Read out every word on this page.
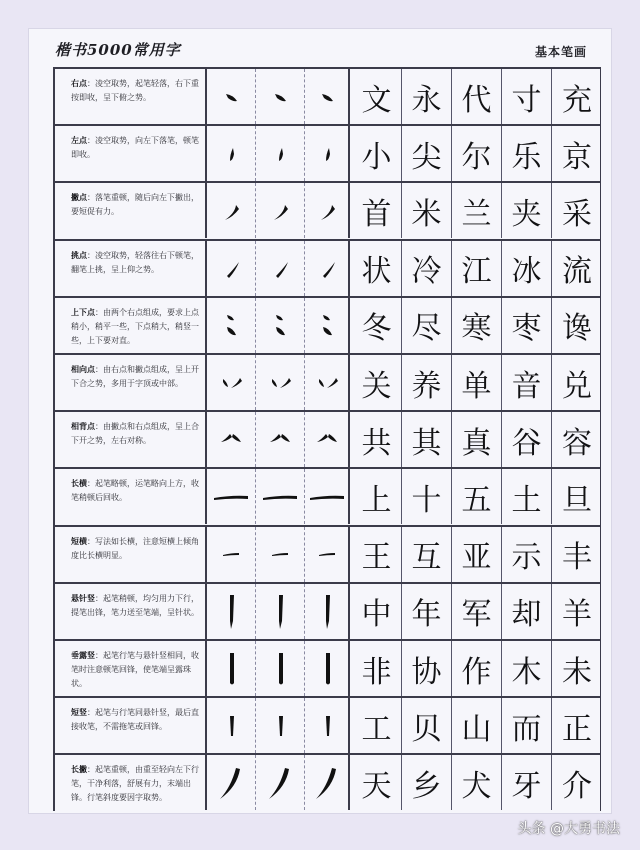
楷书5000常用字	基本笔画
右点：凌空取势，起笔轻落，右下重按即收，呈下俯之势。	文 永 代 寸 充
左点：凌空取势，向左下落笔，顿笔即收。	小 尖 尔 乐 京
撇点：落笔重顿，随后向左下撇出，要短促有力。	首 米 兰 夹 采
挑点：凌空取势，轻落往右下顿笔，翻笔上挑，呈上仰之势。	状 冷 江 冰 流
上下点：由两个右点组成，要求上点稍小，稍平一些，下点稍大，稍竖一些，上下要对直。	冬 尽 寒 枣 谗
相向点：由右点和撇点组成，呈上开下合之势，多用于字顶或中部。	关 养 单 音 兑
相背点：由撇点和右点组成，呈上合下开之势，左右对称。	共 其 真 谷 容
长横：起笔略顿，运笔略向上方，收笔稍顿后回收。	上 十 五 土 旦
短横：写法如长横，注意短横上倾角度比长横明显。	王 互 亚 示 丰
悬针竖：起笔稍顿，均匀用力下行，提笔出锋，笔力送至笔端，呈针状。	中 年 军 却 羊
垂露竖：起笔行笔与悬针竖相同，收笔时注意顿笔回锋，使笔端呈露珠状。	非 协 作 木 未
短竖：起笔与行笔同悬针竖，最后直接收笔，不需拖笔或回锋。	工 贝 山 而 正
长撇：起笔重顿，由重至轻向左下行笔，干净利落，舒展有力，末端出锋。行笔斜度要因字取势。	天 乡 犬 牙 介
头条 @大勇书法
